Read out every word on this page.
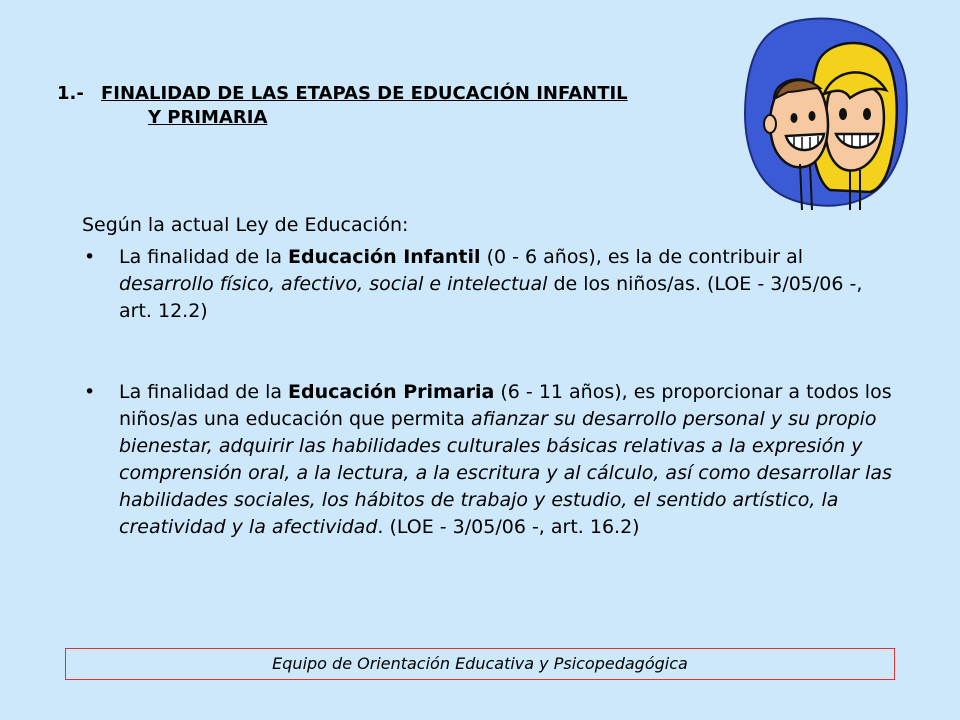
1.- FINALIDAD DE LAS ETAPAS DE EDUCACIÓN INFANTIL
Y PRIMARIA
Según la actual Ley de Educación:
• La finalidad de la Educación Infantil (0 - 6 años), es la de contribuir al desarrollo físico, afectivo, social e intelectual de los niños/as. (LOE - 3/05/06 -, art. 12.2)
• La finalidad de la Educación Primaria (6 - 11 años), es proporcionar a todos los niños/as una educación que permita afianzar su desarrollo personal y su propio bienestar, adquirir las habilidades culturales básicas relativas a la expresión y comprensión oral, a la lectura, a la escritura y al cálculo, así como desarrollar las habilidades sociales, los hábitos de trabajo y estudio, el sentido artístico, la creatividad y la afectividad. (LOE - 3/05/06 -, art. 16.2)
Equipo de Orientación Educativa y Psicopedagógica
